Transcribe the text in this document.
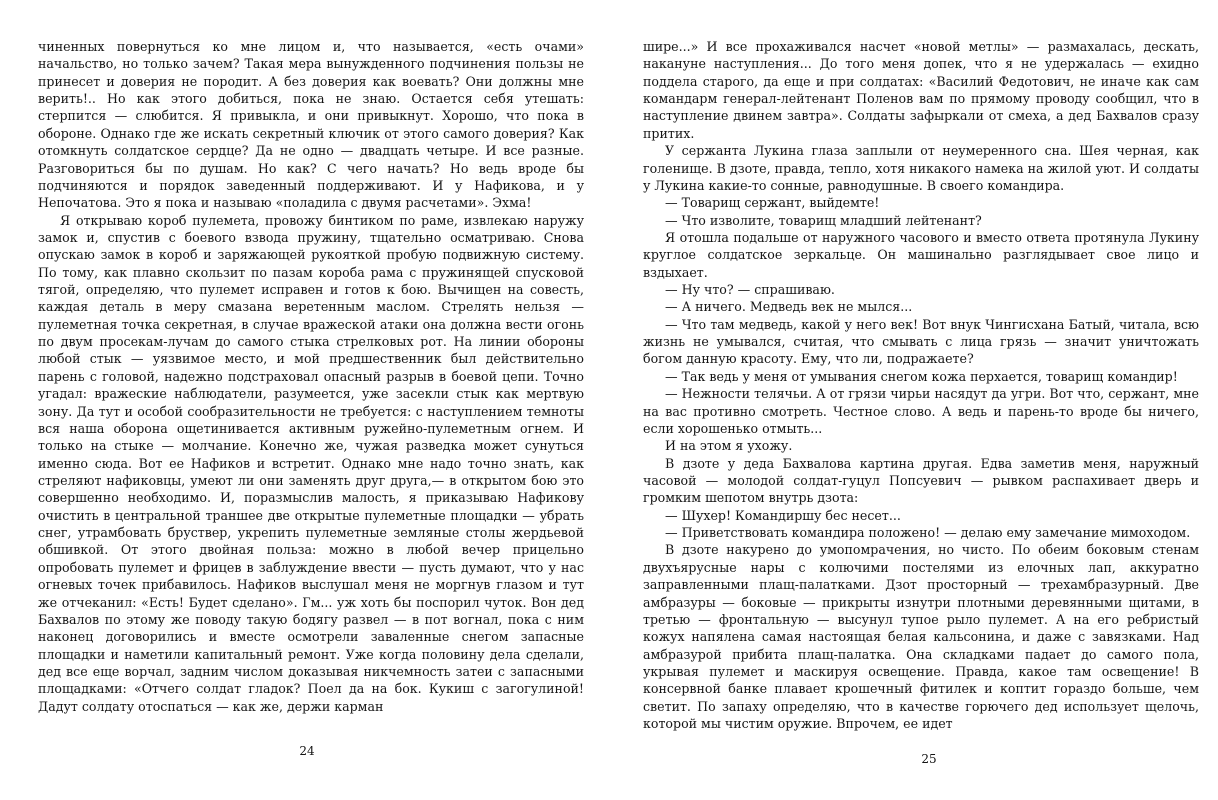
чиненных повернуться ко мне лицом и, что называется, «есть очами» начальство, но только зачем? Такая мера вынужденного подчинения пользы не принесет и доверия не породит. А без доверия как воевать? Они должны мне верить!.. Но как этого добиться, пока не знаю. Остается себя утешать: стерпится — слюбится. Я привыкла, и они привыкнут. Хорошо, что пока в обороне. Однако где же искать секретный ключик от этого самого доверия? Как отомкнуть солдатское сердце? Да не одно — двадцать четыре. И все разные. Разговориться бы по душам. Но как? С чего начать? Но ведь вроде бы подчиняются и порядок заведенный поддерживают. И у Нафикова, и у Непочатова. Это я пока и называю «поладила с двумя расчетами». Эхма!

Я открываю короб пулемета, провожу бинтиком по раме, извлекаю наружу замок и, спустив с боевого взвода пружину, тщательно осматриваю. Снова опускаю замок в короб и заряжающей рукояткой пробую подвижную систему. По тому, как плавно скользит по пазам короба рама с пружинящей спусковой тягой, определяю, что пулемет исправен и готов к бою. Вычищен на совесть, каждая деталь в меру смазана веретенным маслом. Стрелять нельзя — пулеметная точка секретная, в случае вражеской атаки она должна вести огонь по двум просекам-лучам до самого стыка стрелковых рот. На линии обороны любой стык — уязвимое место, и мой предшественник был действительно парень с головой, надежно подстраховал опасный разрыв в боевой цепи. Точно угадал: вражеские наблюдатели, разумеется, уже засекли стык как мертвую зону. Да тут и особой сообразительности не требуется: с наступлением темноты вся наша оборона ощетинивается активным ружейно-пулеметным огнем. И только на стыке — молчание. Конечно же, чужая разведка может сунуться именно сюда. Вот ее Нафиков и встретит. Однако мне надо точно знать, как стреляют нафиковцы, умеют ли они заменять друг друга,— в открытом бою это совершенно необходимо. И, поразмыслив малость, я приказываю Нафикову очистить в центральной траншее две открытые пулеметные площадки — убрать снег, утрамбовать бруствер, укрепить пулеметные земляные столы жердьевой обшивкой. От этого двойная польза: можно в любой вечер прицельно опробовать пулемет и фрицев в заблуждение ввести — пусть думают, что у нас огневых точек прибавилось. Нафиков выслушал меня не моргнув глазом и тут же отчеканил: «Есть! Будет сделано». Гм... уж хоть бы поспорил чуток. Вон дед Бахвалов по этому же поводу такую бодягу развел — в пот вогнал, пока с ним наконец договорились и вместе осмотрели заваленные снегом запасные площадки и наметили капитальный ремонт. Уже когда половину дела сделали, дед все еще ворчал, задним числом доказывая никчемность затеи с запасными площадками: «Отчего солдат гладок? Поел да на бок. Кукиш с загогулиной! Дадут солдату отоспаться — как же, держи карман

24

шире...» И все прохаживался насчет «новой метлы» — размахалась, дескать, накануне наступления... До того меня допек, что я не удержалась — ехидно поддела старого, да еще и при солдатах: «Василий Федотович, не иначе как сам командарм генерал-лейтенант Поленов вам по прямому проводу сообщил, что в наступление двинем завтра». Солдаты зафыркали от смеха, а дед Бахвалов сразу притих.

У сержанта Лукина глаза заплыли от неумеренного сна. Шея черная, как голенище. В дзоте, правда, тепло, хотя никакого намека на жилой уют. И солдаты у Лукина какие-то сонные, равнодушные. В своего командира.

— Товарищ сержант, выйдемте!

— Что изволите, товарищ младший лейтенант?

Я отошла подальше от наружного часового и вместо ответа протянула Лукину круглое солдатское зеркальце. Он машинально разглядывает свое лицо и вздыхает.

— Ну что? — спрашиваю.

— А ничего. Медведь век не мылся...

— Что там медведь, какой у него век! Вот внук Чингисхана Батый, читала, всю жизнь не умывался, считая, что смывать с лица грязь — значит уничтожать богом данную красоту. Ему, что ли, подражаете?

— Так ведь у меня от умывания снегом кожа перхается, товарищ командир!

— Нежности телячьи. А от грязи чирьи насядут да угри. Вот что, сержант, мне на вас противно смотреть. Честное слово. А ведь и парень-то вроде бы ничего, если хорошенько отмыть...

И на этом я ухожу.

В дзоте у деда Бахвалова картина другая. Едва заметив меня, наружный часовой — молодой солдат-гуцул Попсуевич — рывком распахивает дверь и громким шепотом внутрь дзота:

— Шухер! Командиршу бес несет...

— Приветствовать командира положено! — делаю ему замечание мимоходом.

В дзоте накурено до умопомрачения, но чисто. По обеим боковым стенам двухъярусные нары с колючими постелями из елочных лап, аккуратно заправленными плащ-палатками. Дзот просторный — трехамбразурный. Две амбразуры — боковые — прикрыты изнутри плотными деревянными щитами, в третью — фронтальную — высунул тупое рыло пулемет. А на его ребристый кожух напялена самая настоящая белая кальсонина, и даже с завязками. Над амбразурой прибита плащ-палатка. Она складками падает до самого пола, укрывая пулемет и маскируя освещение. Правда, какое там освещение! В консервной банке плавает крошечный фитилек и коптит гораздо больше, чем светит. По запаху определяю, что в качестве горючего дед использует щелочь, которой мы чистим оружие. Впрочем, ее идет

25
